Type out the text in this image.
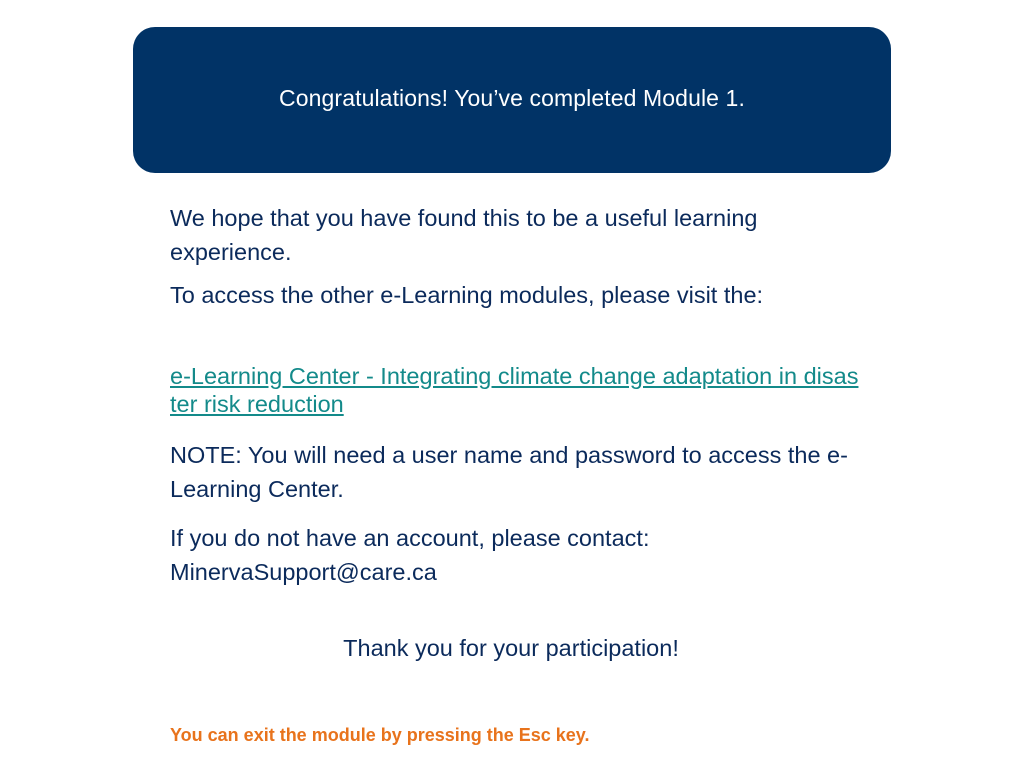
Congratulations! You’ve completed Module 1.

We hope that you have found this to be a useful learning experience.

To access the other e-Learning modules, please visit the:

e-Learning Center - Integrating climate change adaptation in disaster risk reduction

NOTE: You will need a user name and password to access the e-Learning Center.

If you do not have an account, please contact: MinervaSupport@care.ca

Thank you for your participation!
You can exit the module by pressing the Esc key.
